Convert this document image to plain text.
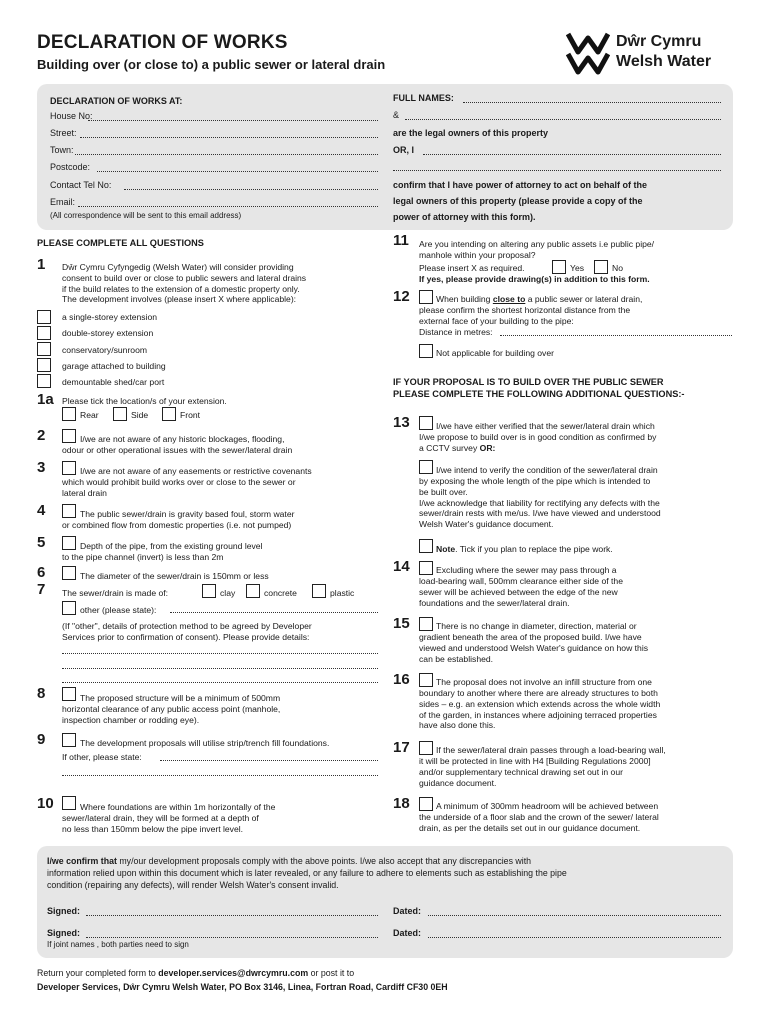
DECLARATION OF WORKS
Building over (or close to) a public sewer or lateral drain
Dŵr Cymru
Welsh Water
DECLARATION OF WORKS AT:
House No:
Street:
Town:
Postcode:
Contact Tel No:
Email:
(All correspondence will be sent to this email address)
FULL NAMES:
&
are the legal owners of this property
OR, I
confirm that I have power of attorney to act on behalf of the
legal owners of this property (please provide a copy of the
power of attorney with this form).
PLEASE COMPLETE ALL QUESTIONS
1 Dŵr Cymru Cyfyngedig (Welsh Water) will consider providing
consent to build over or close to public sewers and lateral drains
if the build relates to the extension of a domestic property only.
The development involves (please insert X where applicable):
a single-storey extension
double-storey extension
conservatory/sunroom
garage attached to building
demountable shed/car port
1a Please tick the location/s of your extension.
Rear	Side	Front
2	I/we are not aware of any historic blockages, flooding,
odour or other operational issues with the sewer/lateral drain
3	I/we are not aware of any easements or restrictive covenants
which would prohibit build works over or close to the sewer or
lateral drain
4	The public sewer/drain is gravity based foul, storm water
or combined flow from domestic properties (i.e. not pumped)
5	Depth of the pipe, from the existing ground level
to the pipe channel (invert) is less than 2m
6	The diameter of the sewer/drain is 150mm or less
7 The sewer/drain is made of:	clay	concrete	plastic
other (please state):
(If "other", details of protection method to be agreed by Developer
Services prior to confirmation of consent). Please provide details:
8	The proposed structure will be a minimum of 500mm
horizontal clearance of any public access point (manhole,
inspection chamber or rodding eye).
9	The development proposals will utilise strip/trench fill foundations.
If other, please state:
10	Where foundations are within 1m horizontally of the
sewer/lateral drain, they will be formed at a depth of
no less than 150mm below the pipe invert level.
11 Are you intending on altering any public assets i.e public pipe/
manhole within your proposal?
Please insert X as required.	Yes	No
If yes, please provide drawing(s) in addition to this form.
12	When building close to a public sewer or lateral drain,
please confirm the shortest horizontal distance from the
external face of your building to the pipe:
Distance in metres:
Not applicable for building over
IF YOUR PROPOSAL IS TO BUILD OVER THE PUBLIC SEWER
PLEASE COMPLETE THE FOLLOWING ADDITIONAL QUESTIONS:-
13	I/we have either verified that the sewer/lateral drain which
I/we propose to build over is in good condition as confirmed by
a CCTV survey OR:
I/we intend to verify the condition of the sewer/lateral drain
by exposing the whole length of the pipe which is intended to
be built over.
I/we acknowledge that liability for rectifying any defects with the
sewer/drain rests with me/us. I/we have viewed and understood
Welsh Water's guidance document.
Note. Tick if you plan to replace the pipe work.
14	Excluding where the sewer may pass through a
load-bearing wall, 500mm clearance either side of the
sewer will be achieved between the edge of the new
foundations and the sewer/lateral drain.
15	There is no change in diameter, direction, material or
gradient beneath the area of the proposed build. I/we have
viewed and understood Welsh Water's guidance on how this
can be established.
16	The proposal does not involve an infill structure from one
boundary to another where there are already structures to both
sides – e.g. an extension which extends across the whole width
of the garden, in instances where adjoining terraced properties
have also done this.
17	If the sewer/lateral drain passes through a load-bearing wall,
it will be protected in line with H4 [Building Regulations 2000]
and/or supplementary technical drawing set out in our
guidance document.
18	A minimum of 300mm headroom will be achieved between
the underside of a floor slab and the crown of the sewer/ lateral
drain, as per the details set out in our guidance document.
I/we confirm that my/our development proposals comply with the above points. I/we also accept that any discrepancies with
information relied upon within this document which is later revealed, or any failure to adhere to elements such as establishing the pipe
condition (repairing any defects), will render Welsh Water's consent invalid.
Signed:	Dated:
Signed:	Dated:
If joint names , both parties need to sign
Return your completed form to developer.services@dwrcymru.com or post it to
Developer Services, Dŵr Cymru Welsh Water, PO Box 3146, Linea, Fortran Road, Cardiff CF30 0EH
